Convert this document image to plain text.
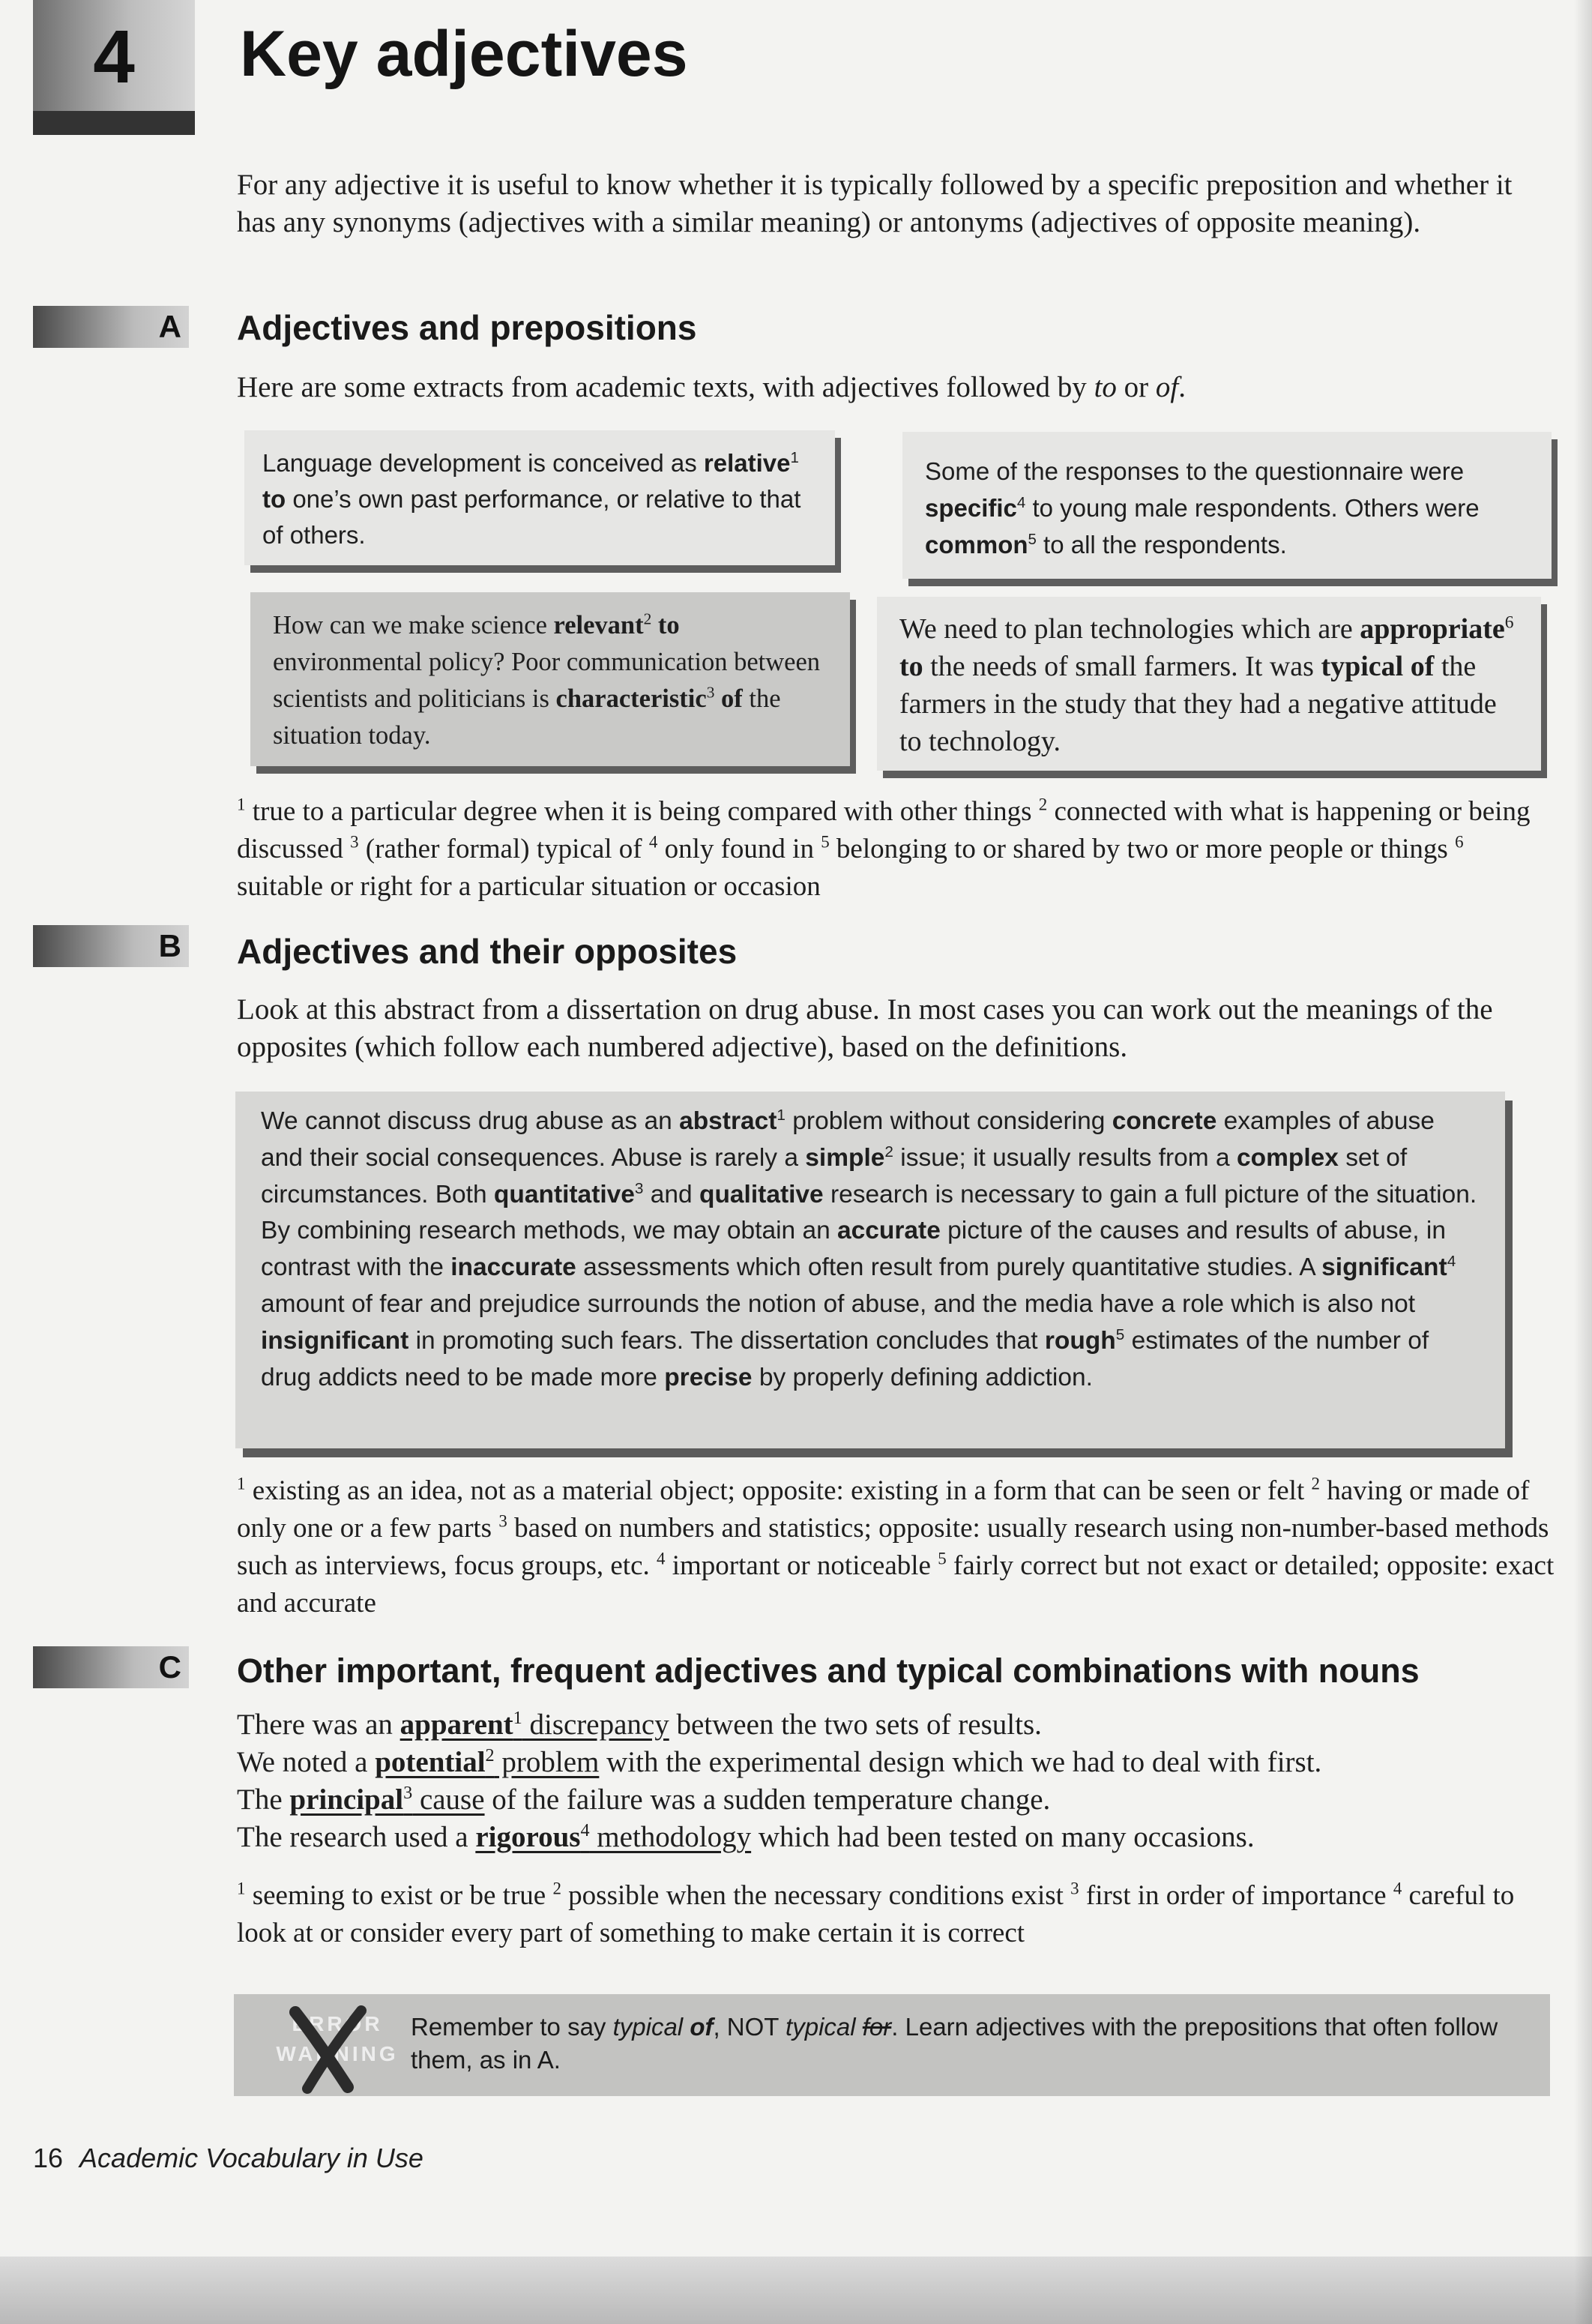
4	Key adjectives

For any adjective it is useful to know whether it is typically followed by a specific preposition and whether it has any synonyms (adjectives with a similar meaning) or antonyms (adjectives of opposite meaning).

A Adjectives and prepositions

Here are some extracts from academic texts, with adjectives followed by to or of.

Language development is conceived as relative$^1$ to one’s own past performance, or relative to that of others.

Some of the responses to the questionnaire were specific$^4$ to young male respondents. Others were common$^5$ to all the respondents.

How can we make science relevant$^2$ to environmental policy? Poor communication between scientists and politicians is characteristic$^3$ of the situation today.

We need to plan technologies which are appropriate$^6$ to the needs of small farmers. It was typical of the farmers in the study that they had a negative attitude to technology.

$^1$ true to a particular degree when it is being compared with other things $^2$ connected with what is happening or being discussed $^3$ (rather formal) typical of $^4$ only found in $^5$ belonging to or shared by two or more people or things $^6$ suitable or right for a particular situation or occasion

B Adjectives and their opposites

Look at this abstract from a dissertation on drug abuse. In most cases you can work out the meanings of the opposites (which follow each numbered adjective), based on the definitions.

We cannot discuss drug abuse as an abstract$^1$ problem without considering concrete examples of abuse and their social consequences. Abuse is rarely a simple$^2$ issue; it usually results from a complex set of circumstances. Both quantitative$^3$ and qualitative research is necessary to gain a full picture of the situation. By combining research methods, we may obtain an accurate picture of the causes and results of abuse, in contrast with the inaccurate assessments which often result from purely quantitative studies. A significant$^4$ amount of fear and prejudice surrounds the notion of abuse, and the media have a role which is also not insignificant in promoting such fears. The dissertation concludes that rough$^5$ estimates of the number of drug addicts need to be made more precise by properly defining addiction.

$^1$ existing as an idea, not as a material object; opposite: existing in a form that can be seen or felt $^2$ having or made of only one or a few parts $^3$ based on numbers and statistics; opposite: usually research using non-number-based methods such as interviews, focus groups, etc. $^4$ important or noticeable $^5$ fairly correct but not exact or detailed; opposite: exact and accurate

C Other important, frequent adjectives and typical combinations with nouns
There was an apparent$^1$ discrepancy between the two sets of results.
We noted a potential$^2$ problem with the experimental design which we had to deal with first.
The principal$^3$ cause of the failure was a sudden temperature change.
The research used a rigorous$^4$ methodology which had been tested on many occasions.

$^1$ seeming to exist or be true $^2$ possible when the necessary conditions exist $^3$ first in order of importance $^4$ careful to look at or consider every part of something to make certain it is correct

ERROR
WARNING

Remember to say typical of, NOT typical for. Learn adjectives with the prepositions that often follow them, as in A.

16 Academic Vocabulary in Use
